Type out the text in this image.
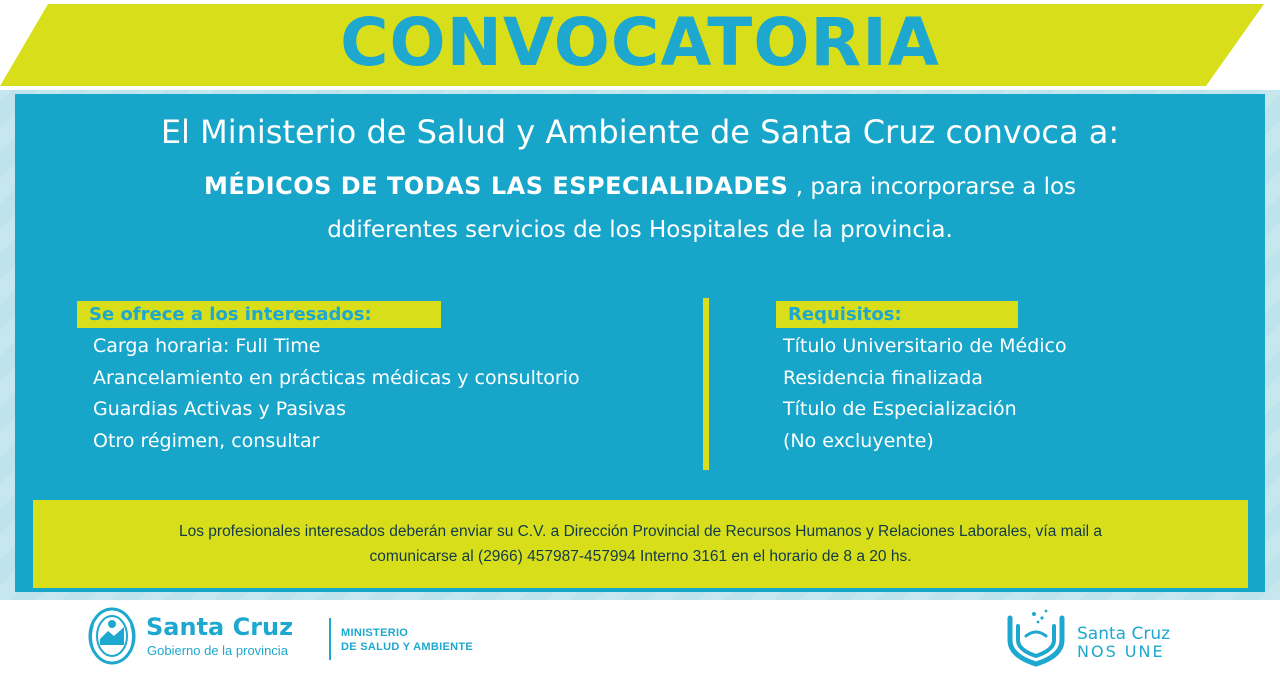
CONVOCATORIA
El Ministerio de Salud y Ambiente de Santa Cruz convoca a:
MÉDICOS DE TODAS LAS ESPECIALIDADES , para incorporarse a los
ddiferentes servicios de los Hospitales de la provincia.
Se ofrece a los interesados:
Carga horaria: Full Time
Arancelamiento en prácticas médicas y consultorio
Guardias Activas y Pasivas
Otro régimen, consultar
Requisitos:
Título Universitario de Médico
Residencia finalizada
Título de Especialización
(No excluyente)

Los profesionales interesados deberán enviar su C.V. a Dirección Provincial de Recursos Humanos y Relaciones Laborales, vía mail a

comunicarse al (2966) 457987-457994 Interno 3161 en el horario de 8 a 20 hs.

Santa Cruz
Gobierno de la provincia
MINISTERIO
DE SALUD Y AMBIENTE
Santa Cruz
NOS UNE
